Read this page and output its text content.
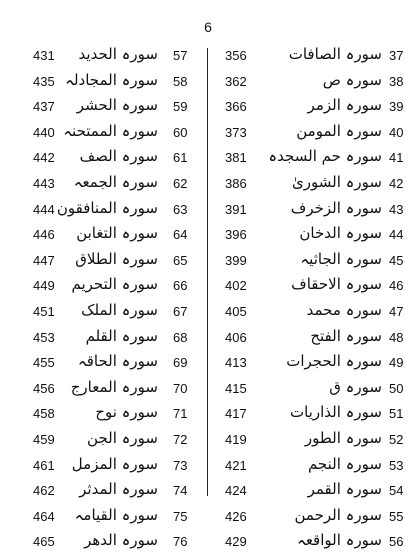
6
431 سورہ الحدید 57
435 سورہ المجادلہ 58
437 سورہ الحشر 59
440 سورہ الممتحنہ 60
442 سورہ الصف 61
443 سورہ الجمعہ 62
444 سورہ المنافقون 63
446 سورہ التغابن 64
447 سورہ الطلاق 65
449 سورہ التحریم 66
451 سورہ الملک 67
453 سورہ القلم 68
455 سورہ الحاقہ 69
456 سورہ المعارج 70
458	سورہ نوح 71
459 سورہ الجن 72
461 سورہ المزمل 73
462 سورہ المدثر 74
464 سورہ القیامہ 75
465 سورہ الدھر 76
356	سورہ الصافات 37
362	سورہ ص 38
366	سورہ الزمر 39
373	سورہ المومن 40
381 سورہ حم السجدہ 41
386	سورہ الشوریٰ 42
391	سورہ الزخرف 43
396	سورہ الدخان 44
399	سورہ الجاثیہ 45
402	سورہ الاحقاف 46
405	سورہ محمد 47
406	سورہ الفتح 48
413	سورہ الحجرات 49
415	سورہ ق 50
417	سورہ الذاریات 51
419	سورہ الطور 52
421	سورہ النجم 53
424	سورہ القمر 54
426	سورہ الرحمن 55
429	سورہ الواقعہ 56
